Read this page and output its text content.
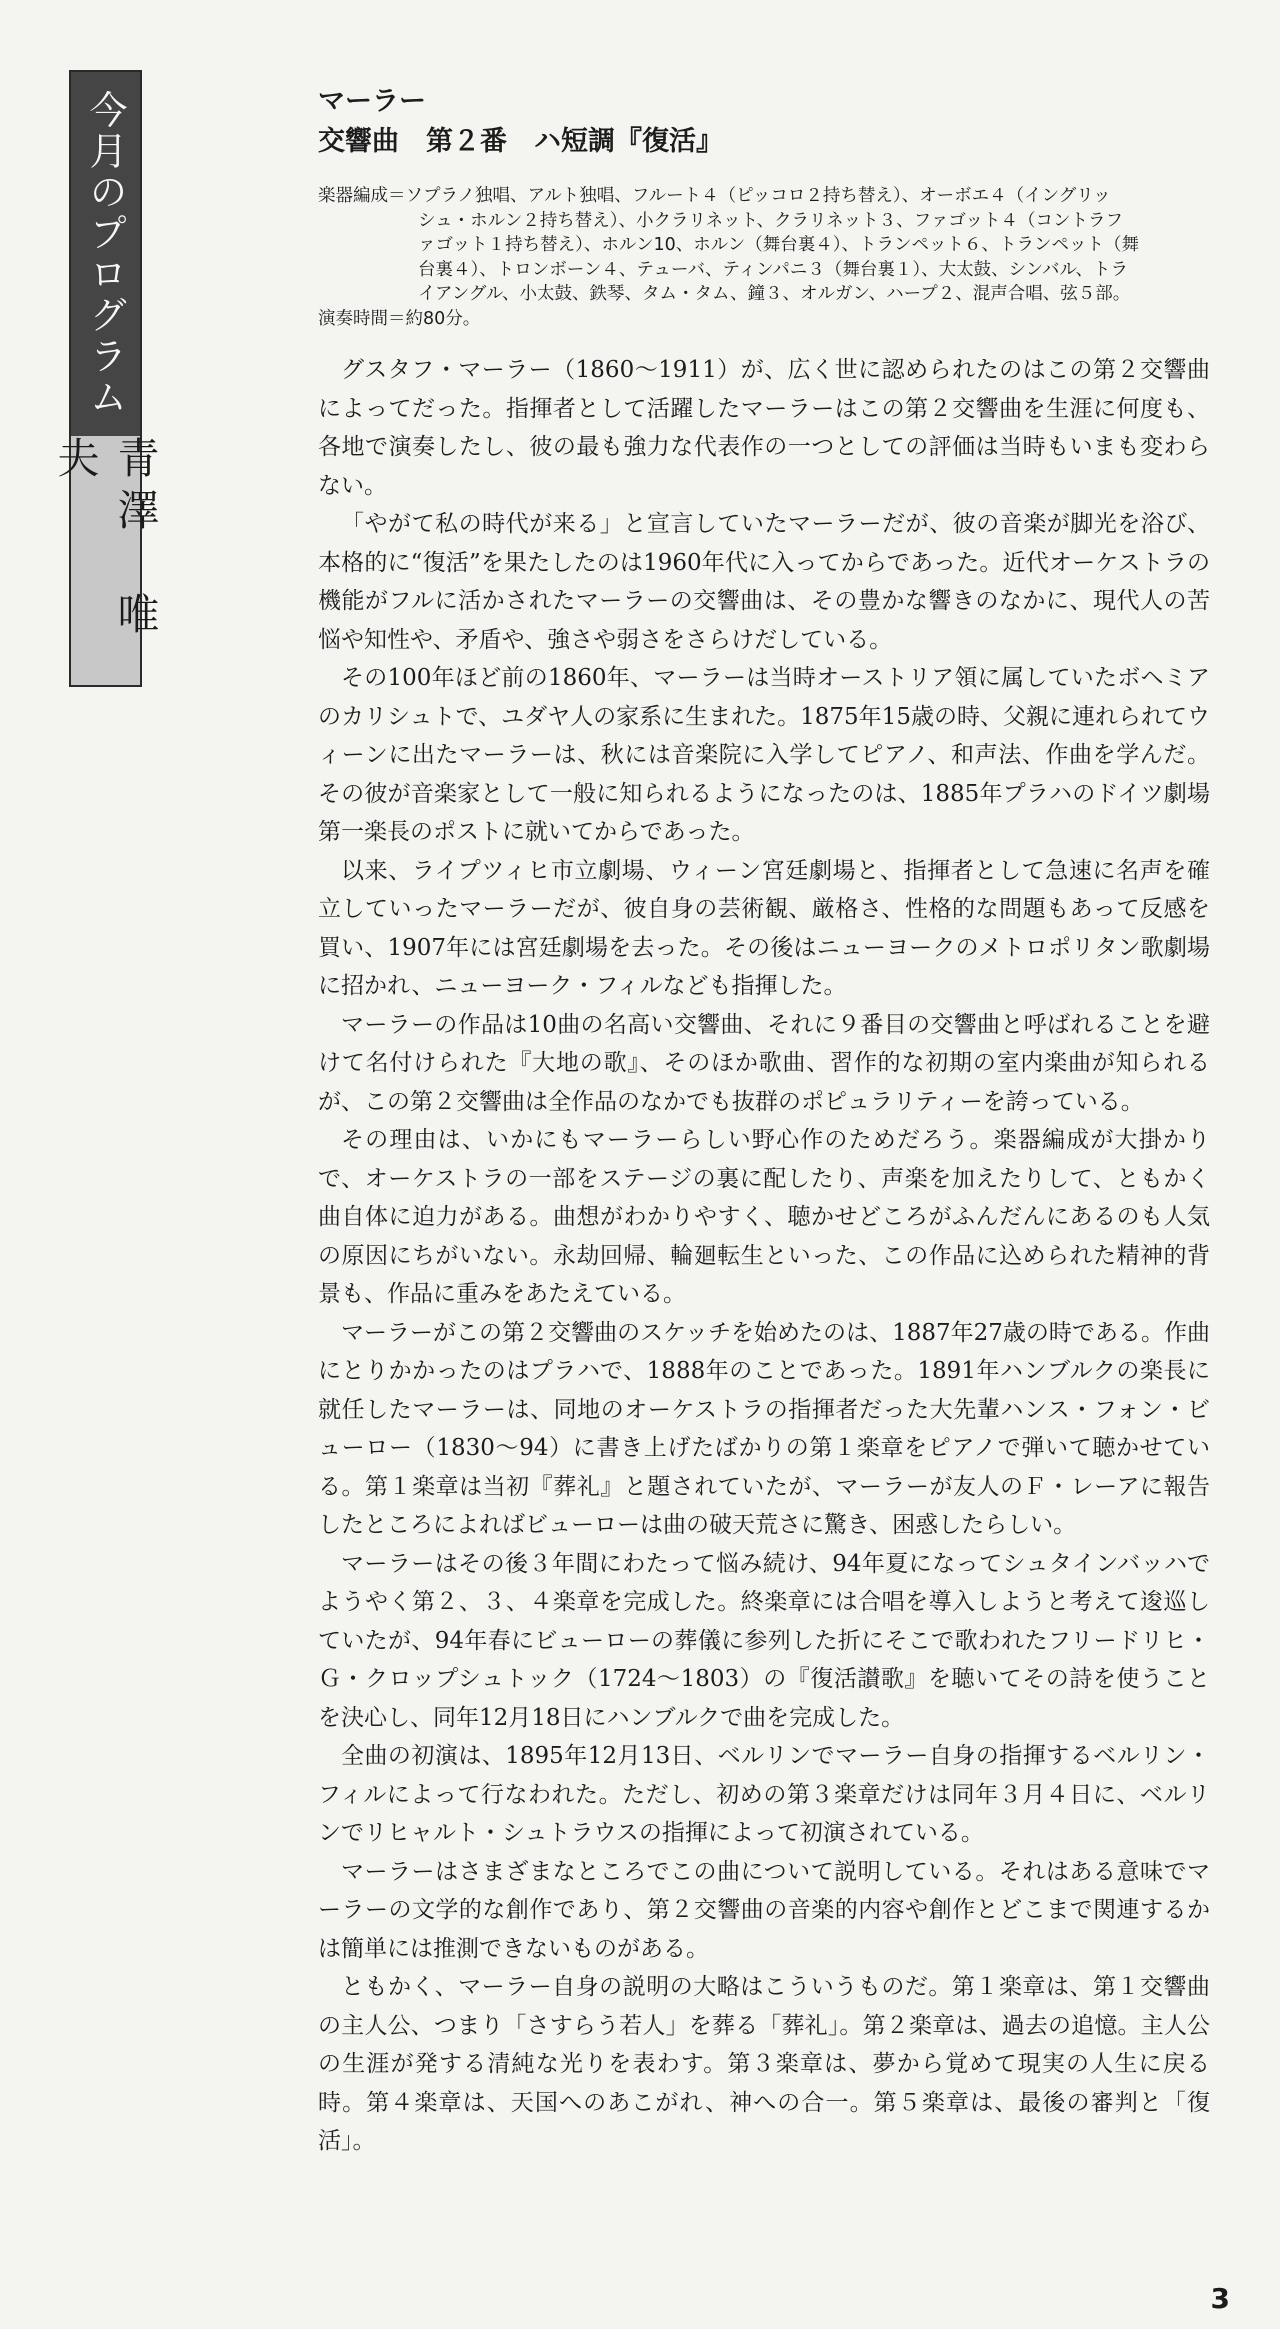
今月のプログラム
青澤　唯夫
マーラー
交響曲　第２番　ハ短調『復活』
楽器編成＝ソプラノ独唱、アルト独唱、フルート４（ピッコロ２持ち替え）、オーボエ４（イングリッ
シュ・ホルン２持ち替え）、小クラリネット、クラリネット３、ファゴット４（コントラフ
ァゴット１持ち替え）、ホルン10、ホルン（舞台裏４）、トランペット６、トランペット（舞
台裏４）、トロンボーン４、テューバ、ティンパニ３（舞台裏１）、大太鼓、シンバル、トラ
イアングル、小太鼓、鉄琴、タム・タム、鐘３、オルガン、ハープ２、混声合唱、弦５部。
演奏時間＝約80分。

グスタフ・マーラー（1860～1911）が、広く世に認められたのはこの第２交響曲によってだった。指揮者として活躍したマーラーはこの第２交響曲を生涯に何度も、各地で演奏したし、彼の最も強力な代表作の一つとしての評価は当時もいまも変わらない。

「やがて私の時代が来る」と宣言していたマーラーだが、彼の音楽が脚光を浴び、本格的に“復活”を果たしたのは1960年代に入ってからであった。近代オーケストラの機能がフルに活かされたマーラーの交響曲は、その豊かな響きのなかに、現代人の苦悩や知性や、矛盾や、強さや弱さをさらけだしている。

その100年ほど前の1860年、マーラーは当時オーストリア領に属していたボヘミアのカリシュトで、ユダヤ人の家系に生まれた。1875年15歳の時、父親に連れられてウィーンに出たマーラーは、秋には音楽院に入学してピアノ、和声法、作曲を学んだ。その彼が音楽家として一般に知られるようになったのは、1885年プラハのドイツ劇場第一楽長のポストに就いてからであった。

以来、ライプツィヒ市立劇場、ウィーン宮廷劇場と、指揮者として急速に名声を確立していったマーラーだが、彼自身の芸術観、厳格さ、性格的な問題もあって反感を買い、1907年には宮廷劇場を去った。その後はニューヨークのメトロポリタン歌劇場に招かれ、ニューヨーク・フィルなども指揮した。

マーラーの作品は10曲の名高い交響曲、それに９番目の交響曲と呼ばれることを避けて名付けられた『大地の歌』、そのほか歌曲、習作的な初期の室内楽曲が知られるが、この第２交響曲は全作品のなかでも抜群のポピュラリティーを誇っている。

その理由は、いかにもマーラーらしい野心作のためだろう。楽器編成が大掛かりで、オーケストラの一部をステージの裏に配したり、声楽を加えたりして、ともかく曲自体に迫力がある。曲想がわかりやすく、聴かせどころがふんだんにあるのも人気の原因にちがいない。永劫回帰、輪廻転生といった、この作品に込められた精神的背景も、作品に重みをあたえている。

マーラーがこの第２交響曲のスケッチを始めたのは、1887年27歳の時である。作曲にとりかかったのはプラハで、1888年のことであった。1891年ハンブルクの楽長に就任したマーラーは、同地のオーケストラの指揮者だった大先輩ハンス・フォン・ビューロー（1830～94）に書き上げたばかりの第１楽章をピアノで弾いて聴かせている。第１楽章は当初『葬礼』と題されていたが、マーラーが友人のＦ・レーアに報告したところによればビューローは曲の破天荒さに驚き、困惑したらしい。

マーラーはその後３年間にわたって悩み続け、94年夏になってシュタインバッハでようやく第２、３、４楽章を完成した。終楽章には合唱を導入しようと考えて逡巡していたが、94年春にビューローの葬儀に参列した折にそこで歌われたフリードリヒ・Ｇ・クロップシュトック（1724～1803）の『復活讃歌』を聴いてその詩を使うことを決心し、同年12月18日にハンブルクで曲を完成した。

全曲の初演は、1895年12月13日、ベルリンでマーラー自身の指揮するベルリン・フィルによって行なわれた。ただし、初めの第３楽章だけは同年３月４日に、ベルリンでリヒャルト・シュトラウスの指揮によって初演されている。

マーラーはさまざまなところでこの曲について説明している。それはある意味でマーラーの文学的な創作であり、第２交響曲の音楽的内容や創作とどこまで関連するかは簡単には推測できないものがある。

ともかく、マーラー自身の説明の大略はこういうものだ。第１楽章は、第１交響曲の主人公、つまり「さすらう若人」を葬る「葬礼」。第２楽章は、過去の追憶。主人公の生涯が発する清純な光りを表わす。第３楽章は、夢から覚めて現実の人生に戻る時。第４楽章は、天国へのあこがれ、神への合一。第５楽章は、最後の審判と「復活」。

3
